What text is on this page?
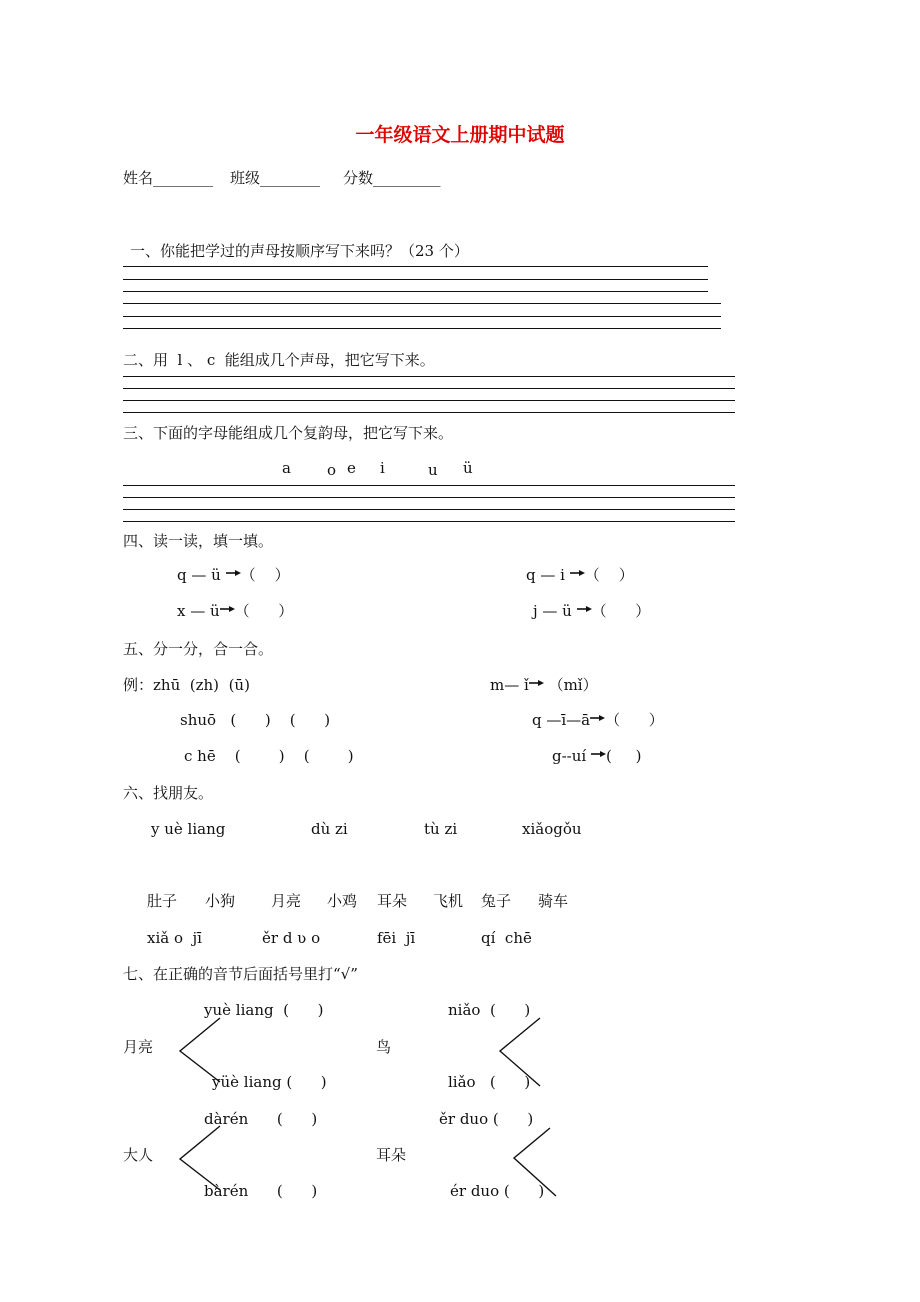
一年级语文上册期中试题
姓名________ 班级________ 分数_________
一、你能把学过的声母按顺序写下来吗？（23 个）
二、用  l 、 c  能组成几个声母，把它写下来。
三、下面的字母能组成几个复韵母，把它写下来。
a o e i	u ü
四、读一读，填一填。
q — ü （    ）	q — i （    ）
x — ü （      ）	j — ü （      ）
五、分一分，合一合。
例：zhū  (zh)  (ū)	m— ǐ （mǐ）
shuō   (      )    (      )	q —ī—ā （      ）
c hē    (        )    (        )	g--uí (     )
六、找朋友。
y uè liang	dù zi	tù zi	xiǎogǒu
肚子 小狗 月亮 小鸡 耳朵 飞机 兔子 骑车
xiǎ o  jī	ěr d ʋ o	fēi  jī	qí  chē
七、在正确的音节后面括号里打“√”
yuè liang  (      )
月亮
yüè liang (      )
niǎo  (      )
鸟
liǎo   (      )
dàrén      (      )
大人
bàrén      (      )
ěr duo (      )
耳朵
ér duo (      )
